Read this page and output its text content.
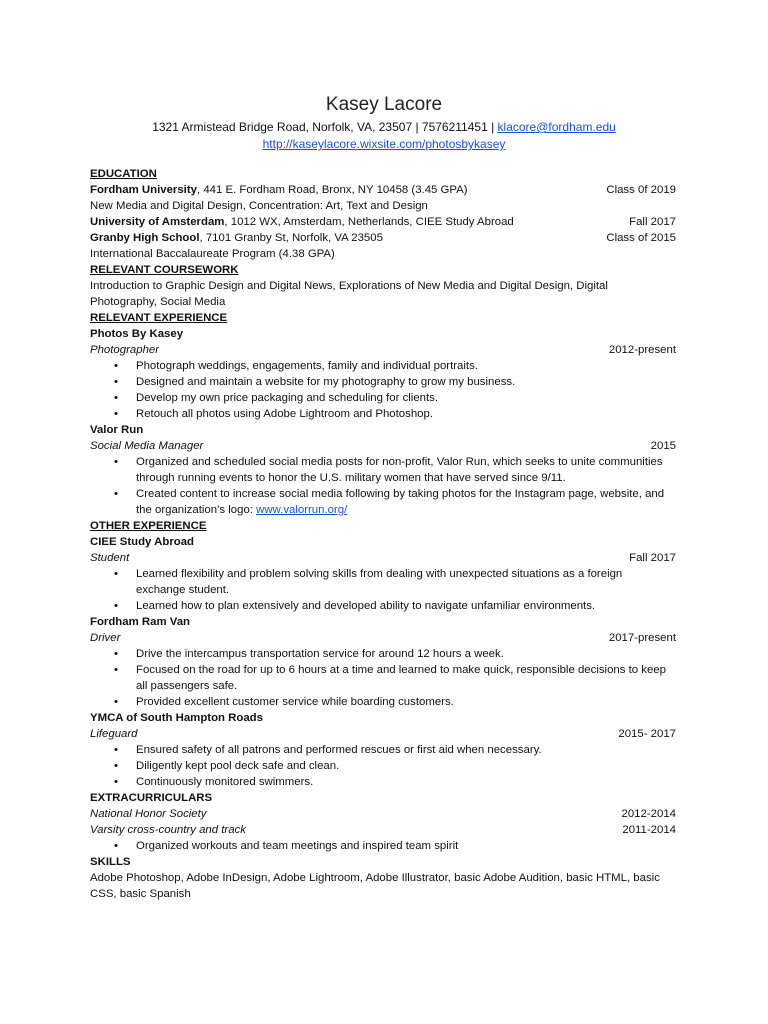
Kasey Lacore
1321 Armistead Bridge Road, Norfolk, VA, 23507 | 7576211451 | klacore@fordham.edu
http://kaseylacore.wixsite.com/photosbykasey
EDUCATION
Fordham University, 441 E. Fordham Road, Bronx, NY 10458 (3.45 GPA)	Class 0f 2019
New Media and Digital Design, Concentration: Art, Text and Design
University of Amsterdam, 1012 WX, Amsterdam, Netherlands, CIEE Study Abroad	Fall 2017
Granby High School, 7101 Granby St, Norfolk, VA 23505	Class of 2015
International Baccalaureate Program (4.38 GPA)
RELEVANT COURSEWORK
Introduction to Graphic Design and Digital News, Explorations of New Media and Digital Design, Digital Photography, Social Media
RELEVANT EXPERIENCE
Photos By Kasey
Photographer	2012-present
• Photograph weddings, engagements, family and individual portraits.
• Designed and maintain a website for my photography to grow my business.
• Develop my own price packaging and scheduling for clients.
• Retouch all photos using Adobe Lightroom and Photoshop.
Valor Run
Social Media Manager	2015
• Organized and scheduled social media posts for non-profit, Valor Run, which seeks to unite communities through running events to honor the U.S. military women that have served since 9/11.
• Created content to increase social media following by taking photos for the Instagram page, website, and the organization’s logo: www.valorrun.org/
OTHER EXPERIENCE
CIEE Study Abroad
Student	Fall 2017
• Learned flexibility and problem solving skills from dealing with unexpected situations as a foreign exchange student.
• Learned how to plan extensively and developed ability to navigate unfamiliar environments.
Fordham Ram Van
Driver	2017-present
• Drive the intercampus transportation service for around 12 hours a week.
• Focused on the road for up to 6 hours at a time and learned to make quick, responsible decisions to keep all passengers safe.
• Provided excellent customer service while boarding customers.
YMCA of South Hampton Roads
Lifeguard	2015- 2017
• Ensured safety of all patrons and performed rescues or first aid when necessary.
• Diligently kept pool deck safe and clean.
• Continuously monitored swimmers.
EXTRACURRICULARS
National Honor Society	2012-2014
Varsity cross-country and track	2011-2014
• Organized workouts and team meetings and inspired team spirit
SKILLS
Adobe Photoshop, Adobe InDesign, Adobe Lightroom, Adobe Illustrator, basic Adobe Audition, basic HTML, basic CSS, basic Spanish
